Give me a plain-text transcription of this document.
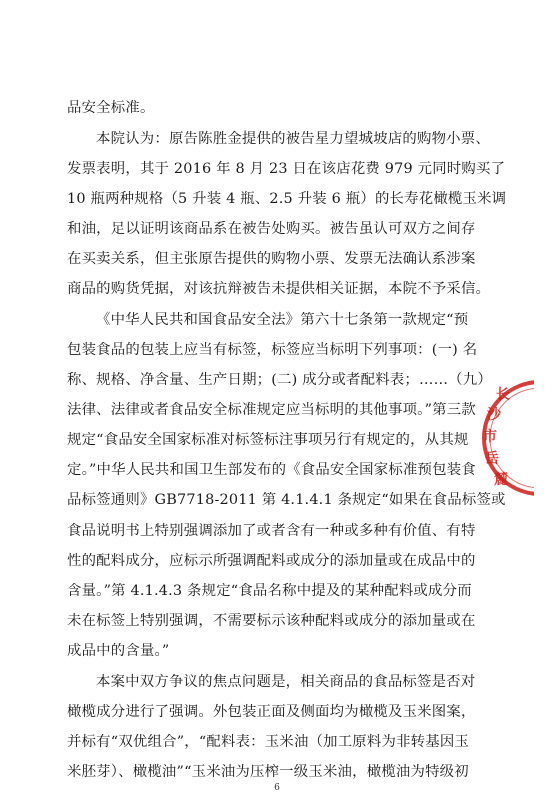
品安全标准。
本院认为：原告陈胜金提供的被告星力望城坡店的购物小票、
发票表明，其于 2016 年 8 月 23 日在该店花费 979 元同时购买了
10 瓶两种规格（5 升装 4 瓶、2.5 升装 6 瓶）的长寿花橄榄玉米调
和油，足以证明该商品系在被告处购买。被告虽认可双方之间存
在买卖关系，但主张原告提供的购物小票、发票无法确认系涉案
商品的购货凭据，对该抗辩被告未提供相关证据，本院不予采信。
《中华人民共和国食品安全法》第六十七条第一款规定“预
包装食品的包装上应当有标签，标签应当标明下列事项：(一) 名
称、规格、净含量、生产日期；(二) 成分或者配料表；……（九）
法律、法律或者食品安全标准规定应当标明的其他事项。”第三款
规定“食品安全国家标准对标签标注事项另行有规定的，从其规
定。”中华人民共和国卫生部发布的《食品安全国家标准预包装食
品标签通则》GB7718-2011 第 4.1.4.1 条规定“如果在食品标签或
食品说明书上特别强调添加了或者含有一种或多种有价值、有特
性的配料成分，应标示所强调配料或成分的添加量或在成品中的
含量。”第 4.1.4.3 条规定“食品名称中提及的某种配料或成分而
未在标签上特别强调，不需要标示该种配料或成分的添加量或在
成品中的含量。”
本案中双方争议的焦点问题是，相关商品的食品标签是否对
橄榄成分进行了强调。外包装正面及侧面均为橄榄及玉米图案，
并标有“双优组合”，“配料表：玉米油（加工原料为非转基因玉
米胚芽）、橄榄油”“玉米油为压榨一级玉米油，橄榄油为特级初
6
长
沙
市
岳
麓
